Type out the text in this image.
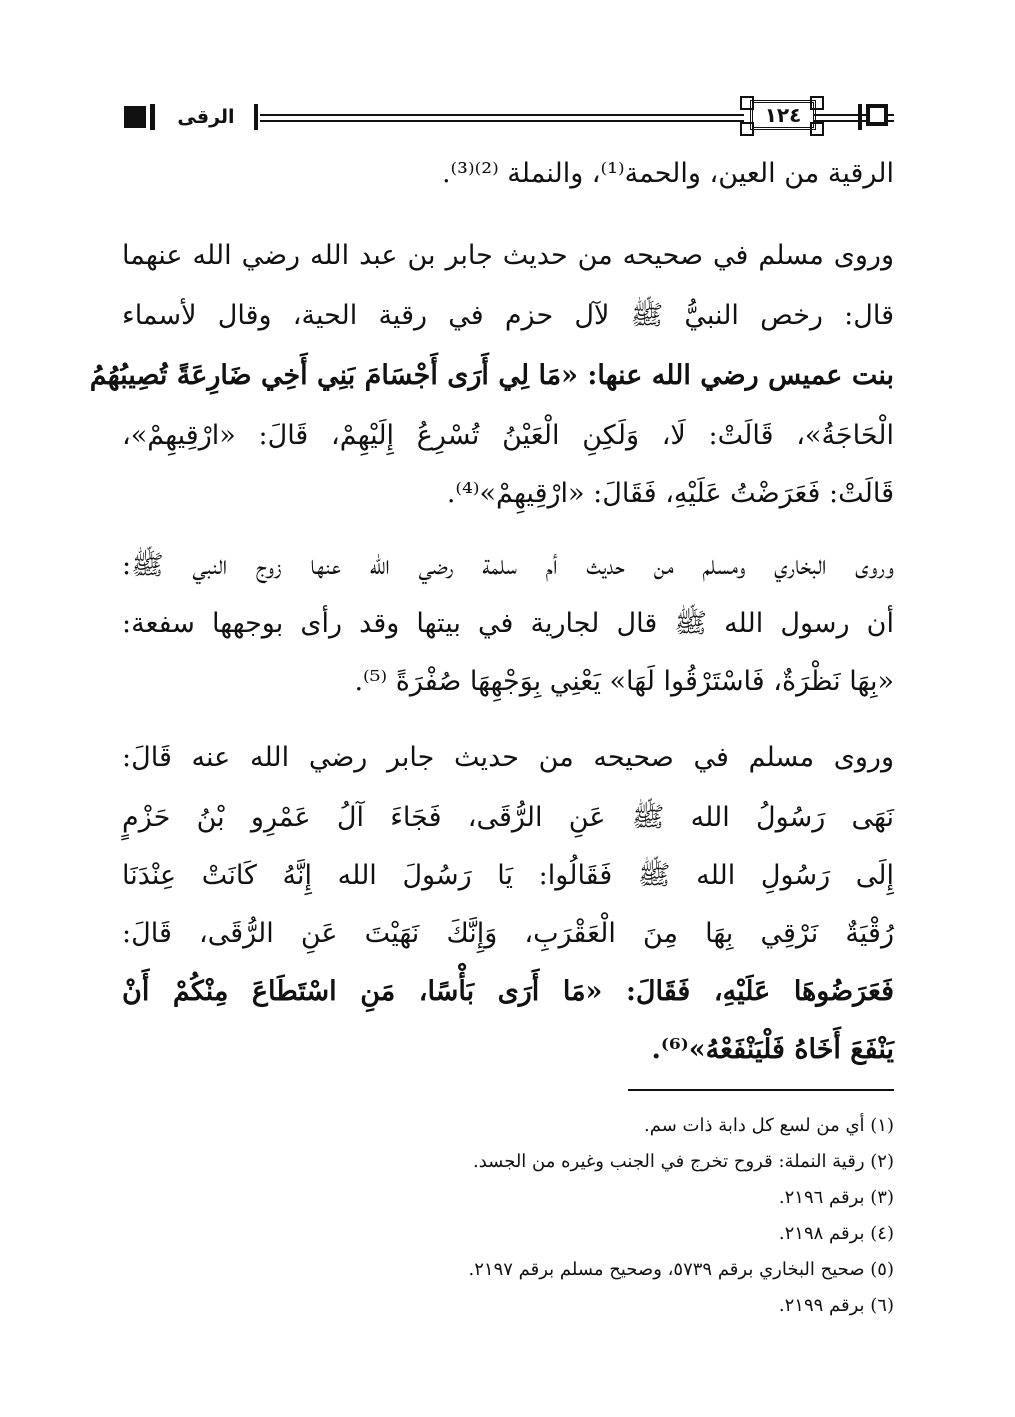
الرقى	١٢٤
الرقية من العين، والحمة⁽¹⁾، والنملة ⁽²⁾⁽³⁾.
وروى مسلم في صحيحه من حديث جابر بن عبد الله رضي الله عنهما
قال: رخص النبيُّ ﷺ لآل حزم في رقية الحية، وقال لأسماء
بنت عميس رضي الله عنها: «مَا لِي أَرَى أَجْسَامَ بَنِي أَخِي ضَارِعَةً تُصِيبُهُمُ
الْحَاجَةُ»، قَالَتْ: لَا، وَلَكِنِ الْعَيْنُ تُسْرِعُ إِلَيْهِمْ، قَالَ: «ارْقِيهِمْ»،
قَالَتْ: فَعَرَضْتُ عَلَيْهِ، فَقَالَ: «ارْقِيهِمْ»⁽⁴⁾.
وروى البخاري ومسلم من حديث أم سلمة رضي الله عنها زوج النبي ﷺ:
أن رسول الله ﷺ قال لجارية في بيتها وقد رأى بوجهها سفعة:
«بِهَا نَظْرَةٌ، فَاسْتَرْقُوا لَهَا» يَعْنِي بِوَجْهِهَا صُفْرَةً ⁽⁵⁾.
وروى مسلم في صحيحه من حديث جابر رضي الله عنه قَالَ:
نَهَى رَسُولُ الله ﷺ عَنِ الرُّقَى، فَجَاءَ آلُ عَمْرِو بْنُ حَزْمٍ
إِلَى رَسُولِ الله ﷺ فَقَالُوا: يَا رَسُولَ الله إِنَّهُ كَانَتْ عِنْدَنَا
رُقْيَةٌ نَرْقِي بِهَا مِنَ الْعَقْرَبِ، وَإِنَّكَ نَهَيْتَ عَنِ الرُّقَى، قَالَ:
فَعَرَضُوهَا عَلَيْهِ، فَقَالَ: «مَا أَرَى بَأْسًا، مَنِ اسْتَطَاعَ مِنْكُمْ أَنْ
يَنْفَعَ أَخَاهُ فَلْيَنْفَعْهُ»⁽⁶⁾.
(١) أي من لسع كل دابة ذات سم.
(٢) رقية النملة: قروح تخرج في الجنب وغيره من الجسد.
(٣) برقم ٢١٩٦.
(٤) برقم ٢١٩٨.
(٥) صحيح البخاري برقم ٥٧٣٩، وصحيح مسلم برقم ٢١٩٧.
(٦) برقم ٢١٩٩.
